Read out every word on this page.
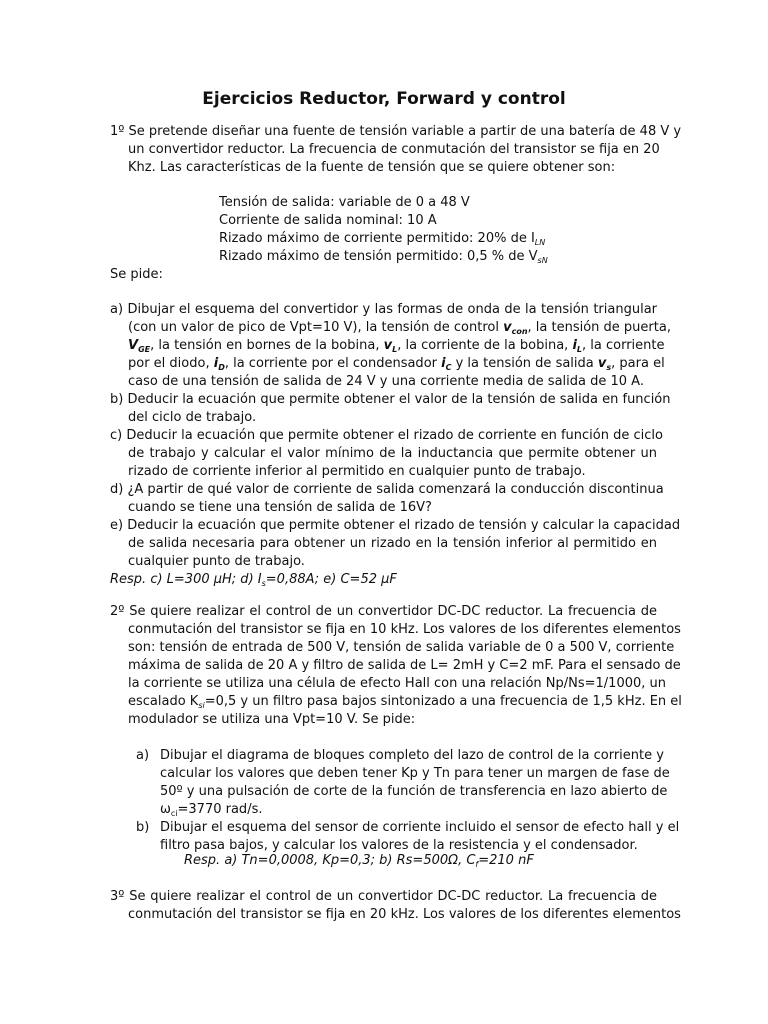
Ejercicios Reductor, Forward y control
1º Se pretende diseñar una fuente de tensión variable a partir de una batería de 48 V y
un convertidor reductor. La frecuencia de conmutación del transistor se fija en 20
Khz. Las características de la fuente de tensión que se quiere obtener son:
Tensión de salida: variable de 0 a 48 V
Corriente de salida nominal: 10 A
Rizado máximo de corriente permitido: 20% de $I_{LN}$
Rizado máximo de tensión permitido: 0,5 % de $V_{sN}$
Se pide:
a) Dibujar el esquema del convertidor y las formas de onda de la tensión triangular
(con un valor de pico de Vpt=10 V), la tensión de control $v_{con}$, la tensión de puerta,
$V_{GE}$, la tensión en bornes de la bobina, $v_L$, la corriente de la bobina, $i_L$, la corriente
por el diodo, $i_D$, la corriente por el condensador $i_C$ y la tensión de salida $v_s$, para el
caso de una tensión de salida de 24 V y una corriente media de salida de 10 A.
b) Deducir la ecuación que permite obtener el valor de la tensión de salida en función
del ciclo de trabajo.
c) Deducir la ecuación que permite obtener el rizado de corriente en función de ciclo
de trabajo y calcular el valor mínimo de la inductancia que permite obtener un
rizado de corriente inferior al permitido en cualquier punto de trabajo.
d) ¿A partir de qué valor de corriente de salida comenzará la conducción discontinua
cuando se tiene una tensión de salida de 16V?
e) Deducir la ecuación que permite obtener el rizado de tensión y calcular la capacidad
de salida necesaria para obtener un rizado en la tensión inferior al permitido en
cualquier punto de trabajo.
Resp. c) L=300 µH; d) $I_s=0,88A$; e) C=52 µF
2º Se quiere realizar el control de un convertidor DC-DC reductor. La frecuencia de
conmutación del transistor se fija en 10 kHz. Los valores de los diferentes elementos
son: tensión de entrada de 500 V, tensión de salida variable de 0 a 500 V, corriente
máxima de salida de 20 A y filtro de salida de L= 2mH y C=2 mF. Para el sensado de
la corriente se utiliza una célula de efecto Hall con una relación Np/Ns=1/1000, un
escalado $K_{si}=0,5$ y un filtro pasa bajos sintonizado a una frecuencia de 1,5 kHz. En el
modulador se utiliza una Vpt=10 V. Se pide:
a) Dibujar el diagrama de bloques completo del lazo de control de la corriente y
calcular los valores que deben tener Kp y Tn para tener un margen de fase de
50º y una pulsación de corte de la función de transferencia en lazo abierto de
$\omega_{ci}=3770$ rad/s.
b) Dibujar el esquema del sensor de corriente incluido el sensor de efecto hall y el
filtro pasa bajos, y calcular los valores de la resistencia y el condensador.
Resp. a) Tn=0,0008, Kp=0,3; b) Rs=500Ω, $C_f=210$ nF
3º Se quiere realizar el control de un convertidor DC-DC reductor. La frecuencia de
conmutación del transistor se fija en 20 kHz. Los valores de los diferentes elementos
